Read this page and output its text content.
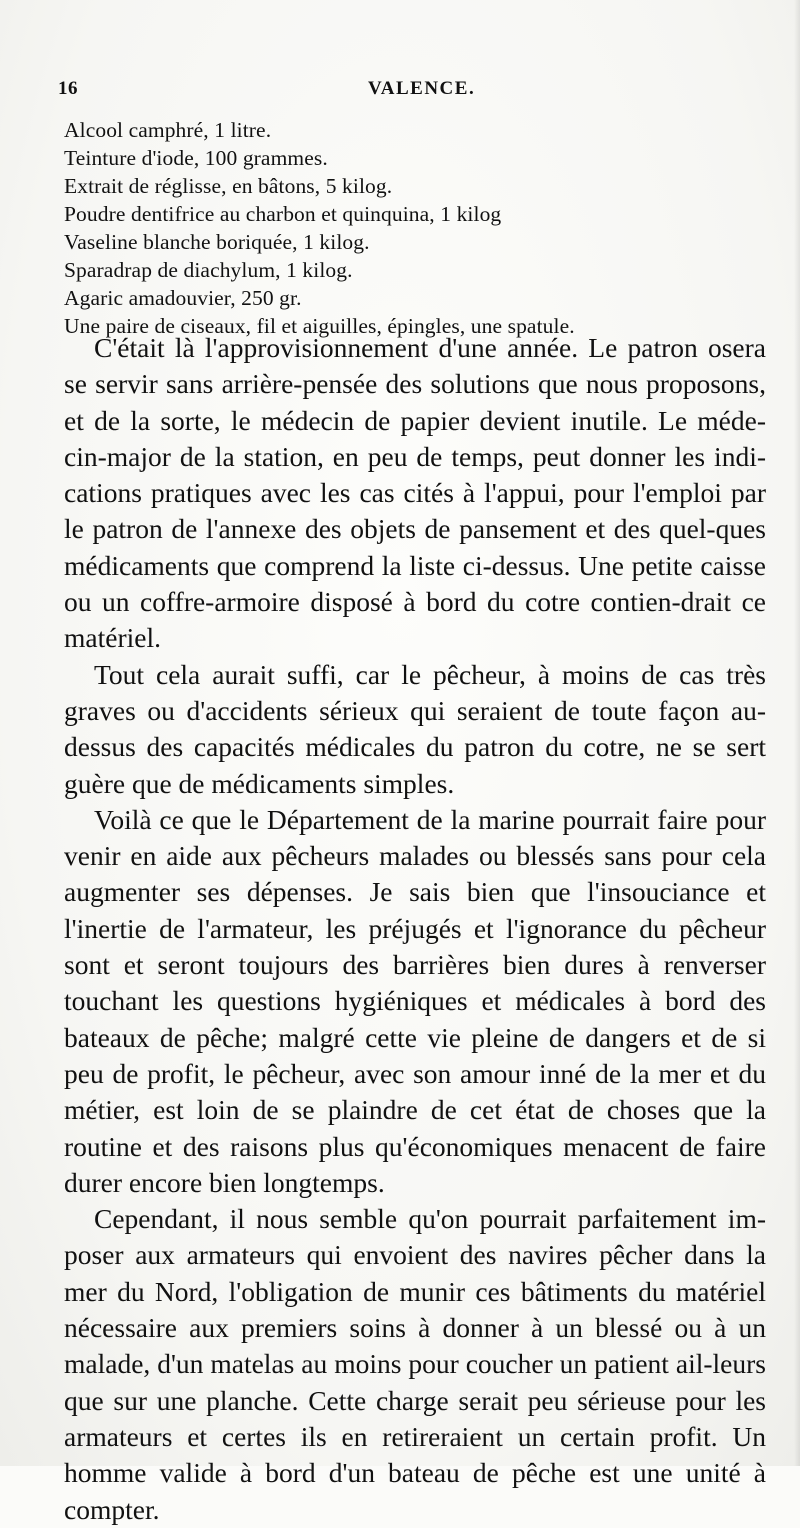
16	VALENCE.
Alcool camphré, 1 litre.
Teinture d'iode, 100 grammes.
Extrait de réglisse, en bâtons, 5 kilog.
Poudre dentifrice au charbon et quinquina, 1 kilog
Vaseline blanche boriquée, 1 kilog.
Sparadrap de diachylum, 1 kilog.
Agaric amadouvier, 250 gr.
Une paire de ciseaux, fil et aiguilles, épingles, une spatule.

C'était là l'approvisionnement d'une année. Le patron osera se servir sans arrière-pensée des solutions que nous proposons, et de la sorte, le médecin de papier devient inutile. Le méde-cin-major de la station, en peu de temps, peut donner les indi-cations pratiques avec les cas cités à l'appui, pour l'emploi par le patron de l'annexe des objets de pansement et des quel-ques médicaments que comprend la liste ci-dessus. Une petite caisse ou un coffre-armoire disposé à bord du cotre contien-drait ce matériel.

Tout cela aurait suffi, car le pêcheur, à moins de cas très graves ou d'accidents sérieux qui seraient de toute façon au-dessus des capacités médicales du patron du cotre, ne se sert guère que de médicaments simples.

Voilà ce que le Département de la marine pourrait faire pour venir en aide aux pêcheurs malades ou blessés sans pour cela augmenter ses dépenses. Je sais bien que l'insouciance et l'inertie de l'armateur, les préjugés et l'ignorance du pêcheur sont et seront toujours des barrières bien dures à renverser touchant les questions hygiéniques et médicales à bord des bateaux de pêche; malgré cette vie pleine de dangers et de si peu de profit, le pêcheur, avec son amour inné de la mer et du métier, est loin de se plaindre de cet état de choses que la routine et des raisons plus qu'économiques menacent de faire durer encore bien longtemps.

Cependant, il nous semble qu'on pourrait parfaitement im-poser aux armateurs qui envoient des navires pêcher dans la mer du Nord, l'obligation de munir ces bâtiments du matériel nécessaire aux premiers soins à donner à un blessé ou à un malade, d'un matelas au moins pour coucher un patient ail-leurs que sur une planche. Cette charge serait peu sérieuse pour les armateurs et certes ils en retireraient un certain profit. Un homme valide à bord d'un bateau de pêche est une unité à compter.
